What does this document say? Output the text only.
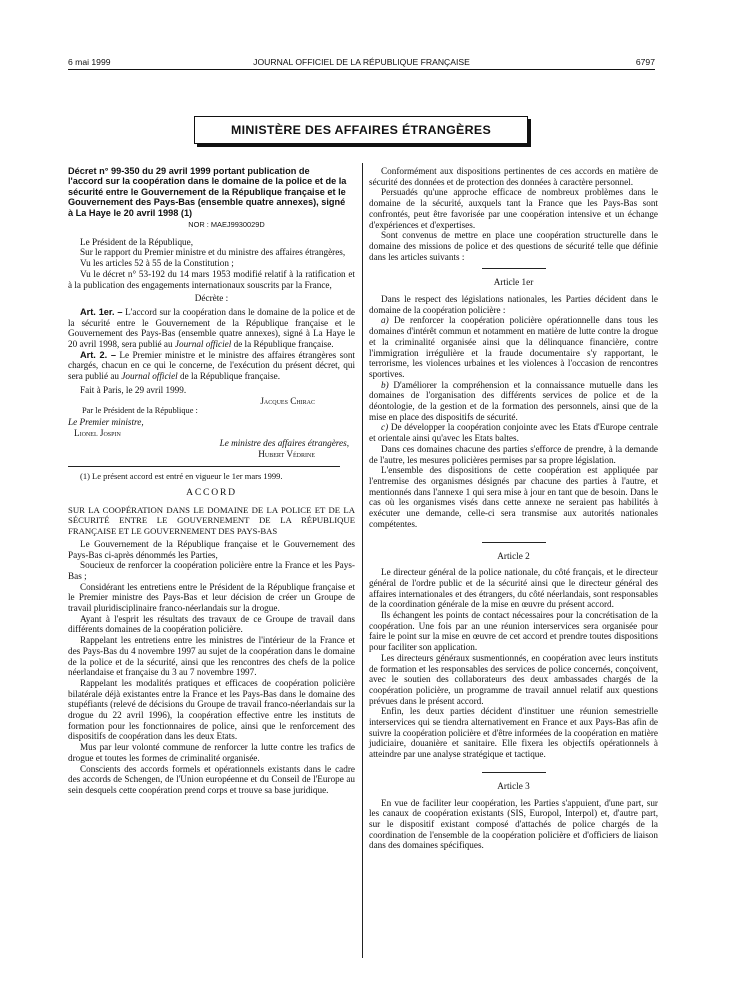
6 mai 1999	JOURNAL OFFICIEL DE LA RÉPUBLIQUE FRANÇAISE	6797
MINISTÈRE DES AFFAIRES ÉTRANGÈRES

Décret n° 99-350 du 29 avril 1999 portant publication de l'accord sur la coopération dans le domaine de la police et de la sécurité entre le Gouvernement de la République française et le Gouvernement des Pays-Bas (ensemble quatre annexes), signé à La Haye le 20 avril 1998 (1)

NOR : MAEJ9930029D

Le Président de la République,

Sur le rapport du Premier ministre et du ministre des affaires étrangères,

Vu les articles 52 à 55 de la Constitution ;

Vu le décret n° 53-192 du 14 mars 1953 modifié relatif à la ratification et à la publication des engagements internationaux souscrits par la France,

Décrète :

Art. 1er. – L'accord sur la coopération dans le domaine de la police et de la sécurité entre le Gouvernement de la République française et le Gouvernement des Pays-Bas (ensemble quatre annexes), signé à La Haye le 20 avril 1998, sera publié au Journal officiel de la République française.

Art. 2. – Le Premier ministre et le ministre des affaires étrangères sont chargés, chacun en ce qui le concerne, de l'exécution du présent décret, qui sera publié au Journal officiel de la République française.

Fait à Paris, le 29 avril 1999.

Jacques Chirac

Par le Président de la République :

Le Premier ministre,

Lionel Jospin

Le ministre des affaires étrangères,

Hubert Védrine

(1) Le présent accord est entré en vigueur le 1er mars 1999.

ACCORD

SUR LA COOPÉRATION DANS LE DOMAINE DE LA POLICE ET DE LA SÉCURITÉ ENTRE LE GOUVERNEMENT DE LA RÉPUBLIQUE FRANÇAISE ET LE GOUVERNEMENT DES PAYS-BAS

Le Gouvernement de la République française et le Gouvernement des Pays-Bas ci-après dénommés les Parties,

Soucieux de renforcer la coopération policière entre la France et les Pays-Bas ;

Considérant les entretiens entre le Président de la République française et le Premier ministre des Pays-Bas et leur décision de créer un Groupe de travail pluridisciplinaire franco-néerlandais sur la drogue.

Ayant à l'esprit les résultats des travaux de ce Groupe de travail dans différents domaines de la coopération policière.

Rappelant les entretiens entre les ministres de l'intérieur de la France et des Pays-Bas du 4 novembre 1997 au sujet de la coopération dans le domaine de la police et de la sécurité, ainsi que les rencontres des chefs de la police néerlandaise et française du 3 au 7 novembre 1997.

Rappelant les modalités pratiques et efficaces de coopération policière bilatérale déjà existantes entre la France et les Pays-Bas dans le domaine des stupéfiants (relevé de décisions du Groupe de travail franco-néerlandais sur la drogue du 22 avril 1996), la coopération effective entre les instituts de formation pour les fonctionnaires de police, ainsi que le renforcement des dispositifs de coopération dans les deux Etats.

Mus par leur volonté commune de renforcer la lutte contre les trafics de drogue et toutes les formes de criminalité organisée.

Conscients des accords formels et opérationnels existants dans le cadre des accords de Schengen, de l'Union européenne et du Conseil de l'Europe au sein desquels cette coopération prend corps et trouve sa base juridique.

Conformément aux dispositions pertinentes de ces accords en matière de sécurité des données et de protection des données à caractère personnel.

Persuadés qu'une approche efficace de nombreux problèmes dans le domaine de la sécurité, auxquels tant la France que les Pays-Bas sont confrontés, peut être favorisée par une coopération intensive et un échange d'expériences et d'expertises.

Sont convenus de mettre en place une coopération structurelle dans le domaine des missions de police et des questions de sécurité telle que définie dans les articles suivants :

Article 1er

Dans le respect des législations nationales, les Parties décident dans le domaine de la coopération policière :

a) De renforcer la coopération policière opérationnelle dans tous les domaines d'intérêt commun et notamment en matière de lutte contre la drogue et la criminalité organisée ainsi que la délinquance financière, contre l'immigration irrégulière et la fraude documentaire s'y rapportant, le terrorisme, les violences urbaines et les violences à l'occasion de rencontres sportives.

b) D'améliorer la compréhension et la connaissance mutuelle dans les domaines de l'organisation des différents services de police et de la déontologie, de la gestion et de la formation des personnels, ainsi que de la mise en place des dispositifs de sécurité.

c) De développer la coopération conjointe avec les Etats d'Europe centrale et orientale ainsi qu'avec les Etats baltes.

Dans ces domaines chacune des parties s'efforce de prendre, à la demande de l'autre, les mesures policières permises par sa propre législation.

L'ensemble des dispositions de cette coopération est appliquée par l'entremise des organismes désignés par chacune des parties à l'autre, et mentionnés dans l'annexe 1 qui sera mise à jour en tant que de besoin. Dans le cas où les organismes visés dans cette annexe ne seraient pas habilités à exécuter une demande, celle-ci sera transmise aux autorités nationales compétentes.

Article 2

Le directeur général de la police nationale, du côté français, et le directeur général de l'ordre public et de la sécurité ainsi que le directeur général des affaires internationales et des étrangers, du côté néerlandais, sont responsables de la coordination générale de la mise en œuvre du présent accord.

Ils échangent les points de contact nécessaires pour la concrétisation de la coopération. Une fois par an une réunion interservices sera organisée pour faire le point sur la mise en œuvre de cet accord et prendre toutes dispositions pour faciliter son application.

Les directeurs généraux susmentionnés, en coopération avec leurs instituts de formation et les responsables des services de police concernés, conçoivent, avec le soutien des collaborateurs des deux ambassades chargés de la coopération policière, un programme de travail annuel relatif aux questions prévues dans le présent accord.

Enfin, les deux parties décident d'instituer une réunion semestrielle interservices qui se tiendra alternativement en France et aux Pays-Bas afin de suivre la coopération policière et d'être informées de la coopération en matière judiciaire, douanière et sanitaire. Elle fixera les objectifs opérationnels à atteindre par une analyse stratégique et tactique.

Article 3

En vue de faciliter leur coopération, les Parties s'appuient, d'une part, sur les canaux de coopération existants (SIS, Europol, Interpol) et, d'autre part, sur le dispositif existant composé d'attachés de police chargés de la coordination de l'ensemble de la coopération policière et d'officiers de liaison dans des domaines spécifiques.
